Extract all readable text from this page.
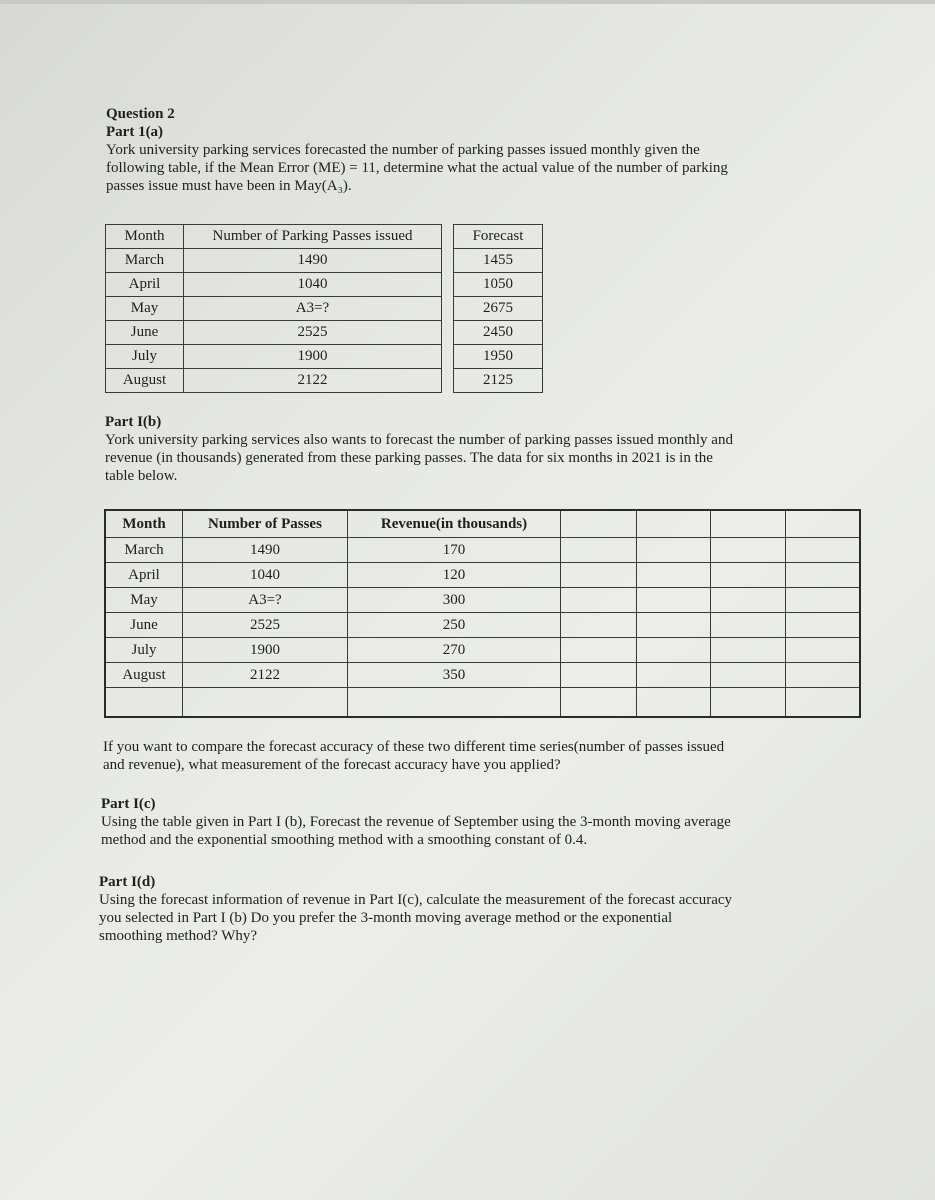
Question 2

Part 1(a)

York university parking services forecasted the number of parking passes issued monthly given the

following table, if the Mean Error (ME) = 11, determine what the actual value of the number of parking

passes issue must have been in May(A₃).

Month	Number of Parking Passes issued		Forecast
March	1490		1455
April	1040		1050
May	A3=?		2675
June	2525		2450
July	1900		1950
August	2122		2125

Part I(b)

York university parking services also wants to forecast the number of parking passes issued monthly and

revenue (in thousands) generated from these parking passes. The data for six months in 2021 is in the

table below.

Month	Number of Passes	Revenue(in thousands)				
March	1490	170				
April	1040	120				
May	A3=?	300				
June	2525	250				
July	1900	270				
August	2122	350				

If you want to compare the forecast accuracy of these two different time series(number of passes issued

and revenue), what measurement of the forecast accuracy have you applied?

Part I(c)

Using the table given in Part I (b), Forecast the revenue of September using the 3-month moving average

method and the exponential smoothing method with a smoothing constant of 0.4.

Part I(d)

Using the forecast information of revenue in Part I(c), calculate the measurement of the forecast accuracy

you selected in Part I (b) Do you prefer the 3-month moving average method or the exponential

smoothing method? Why?
